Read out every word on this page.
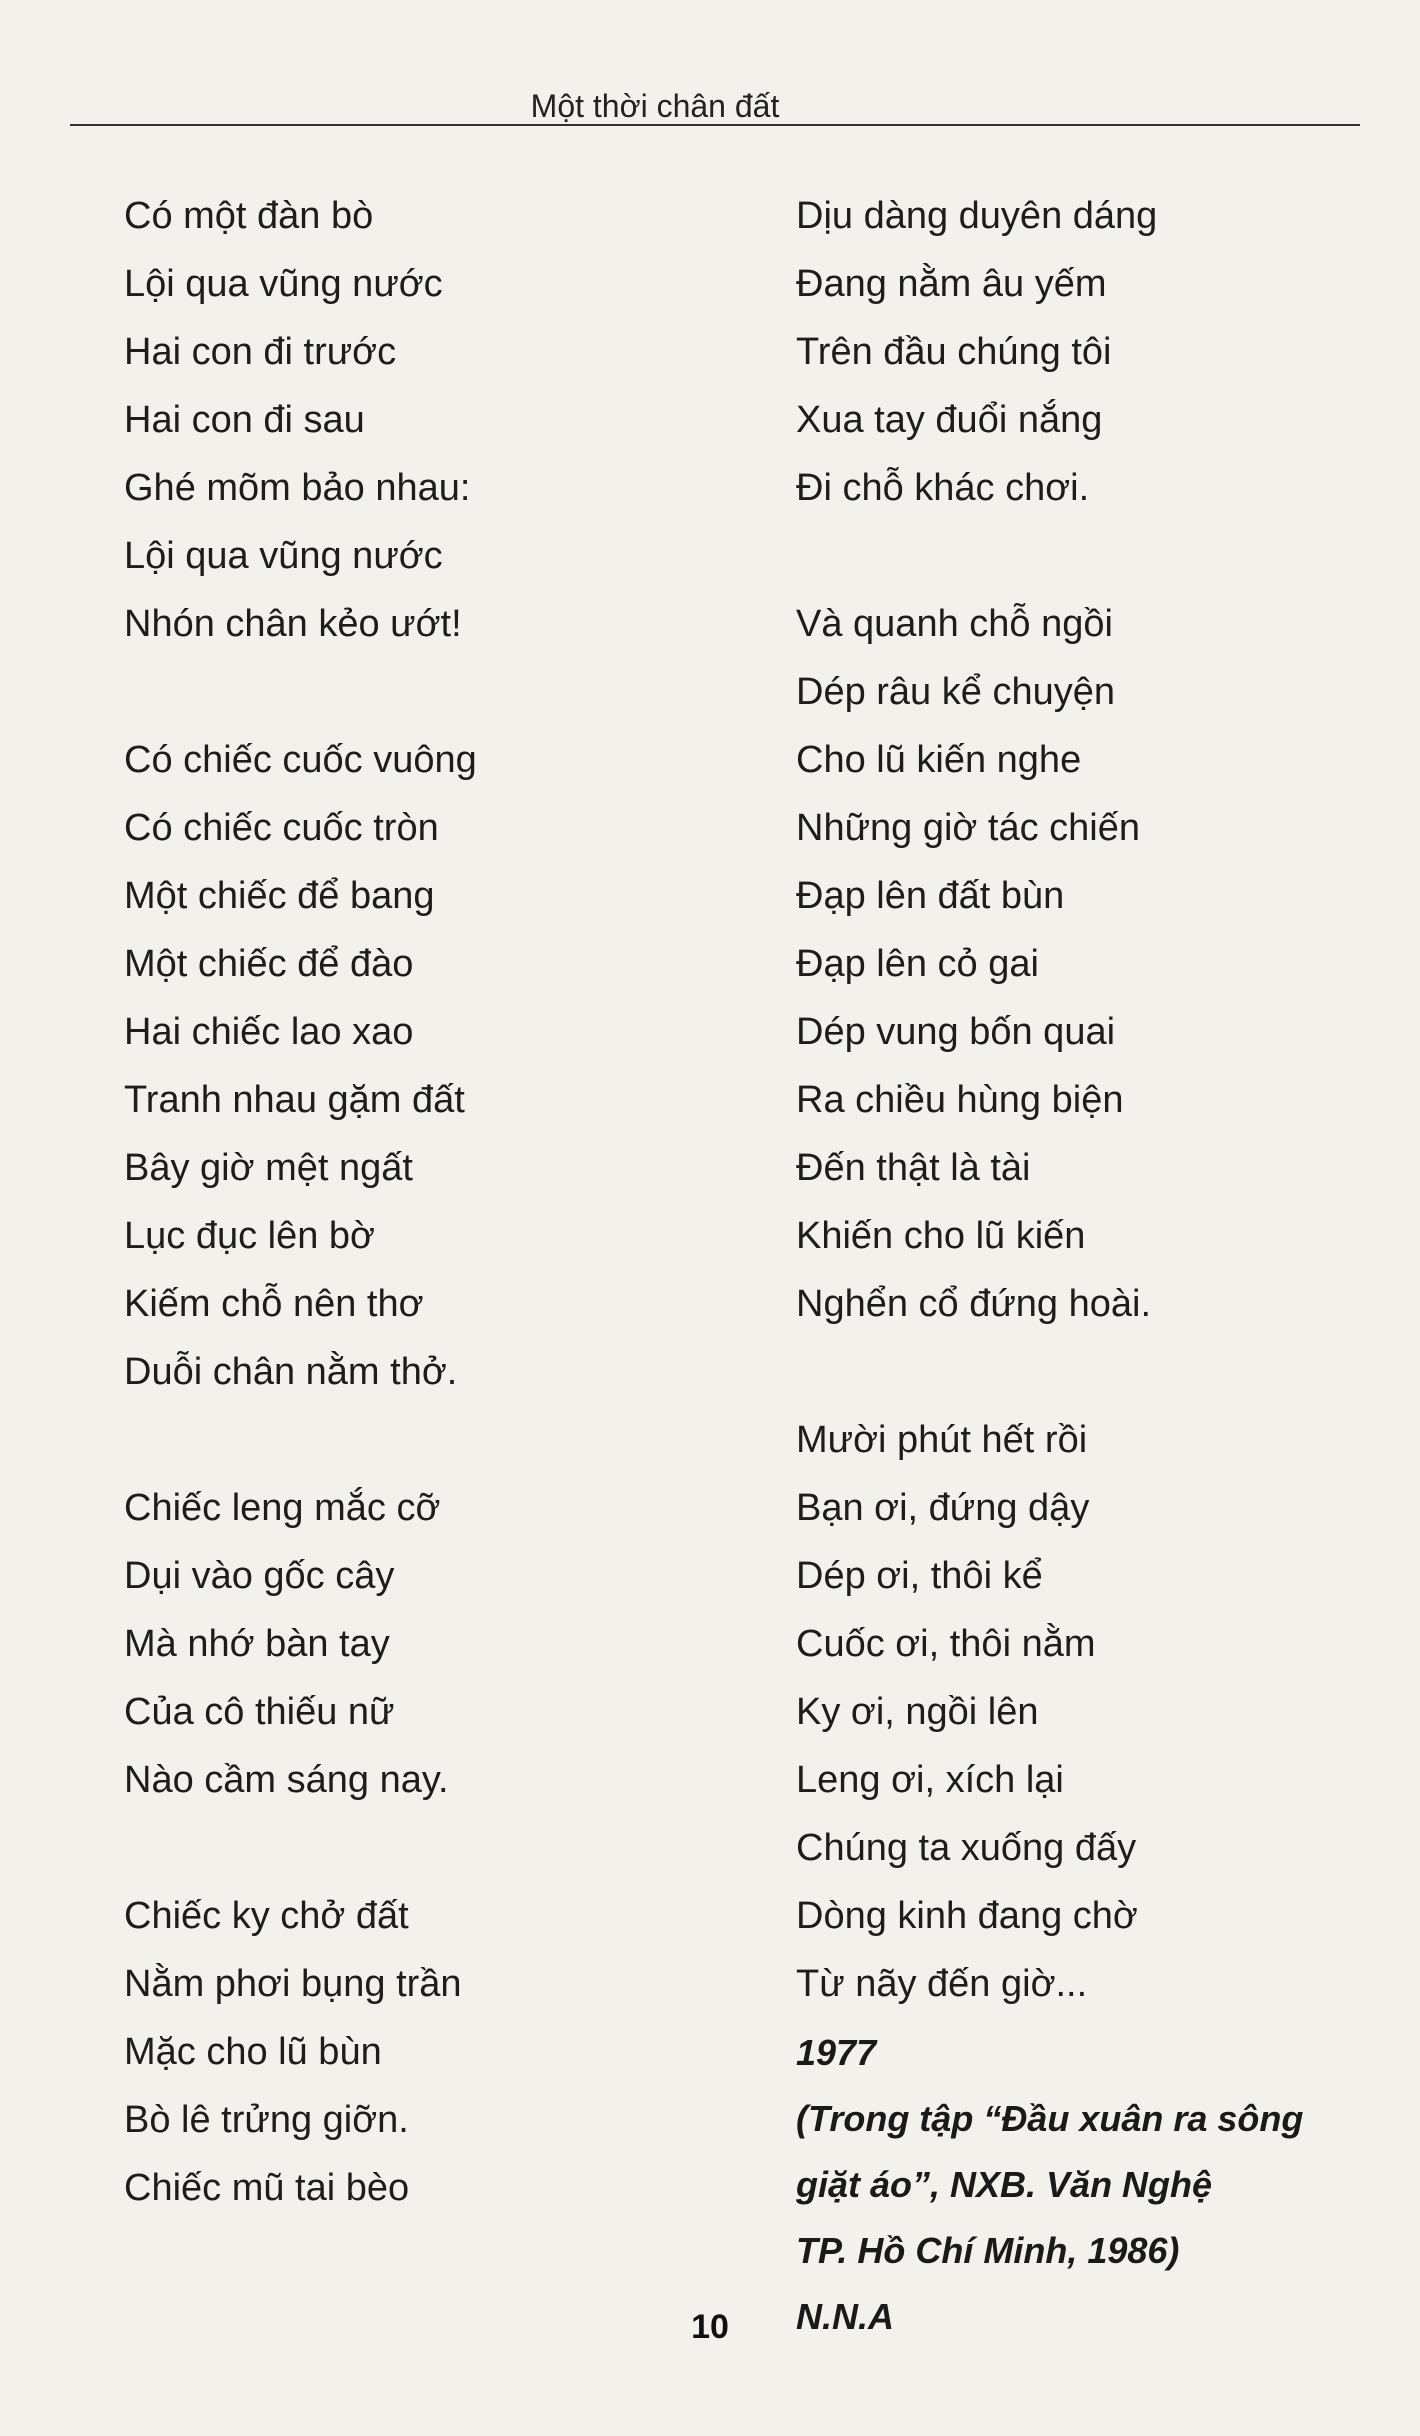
Một thời chân đất
Có một đàn bò
Lội qua vũng nước
Hai con đi trước
Hai con đi sau
Ghé mõm bảo nhau:
Lội qua vũng nước
Nhón chân kẻo ướt!
Có chiếc cuốc vuông
Có chiếc cuốc tròn
Một chiếc để bang
Một chiếc để đào
Hai chiếc lao xao
Tranh nhau gặm đất
Bây giờ mệt ngất
Lục đục lên bờ
Kiếm chỗ nên thơ
Duỗi chân nằm thở.
Chiếc leng mắc cỡ
Dụi vào gốc cây
Mà nhớ bàn tay
Của cô thiếu nữ
Nào cầm sáng nay.
Chiếc ky chở đất
Nằm phơi bụng trần
Mặc cho lũ bùn
Bò lê trửng giỡn.
Chiếc mũ tai bèo
Dịu dàng duyên dáng
Đang nằm âu yếm
Trên đầu chúng tôi
Xua tay đuổi nắng
Đi chỗ khác chơi.
Và quanh chỗ ngồi
Dép râu kể chuyện
Cho lũ kiến nghe
Những giờ tác chiến
Đạp lên đất bùn
Đạp lên cỏ gai
Dép vung bốn quai
Ra chiều hùng biện
Đến thật là tài
Khiến cho lũ kiến
Nghển cổ đứng hoài.
Mười phút hết rồi
Bạn ơi, đứng dậy
Dép ơi, thôi kể
Cuốc ơi, thôi nằm
Ky ơi, ngồi lên
Leng ơi, xích lại
Chúng ta xuống đấy
Dòng kinh đang chờ
Từ nãy đến giờ...
1977
(Trong tập “Đầu xuân ra sông
giặt áo”, NXB. Văn Nghệ
TP. Hồ Chí Minh, 1986)
N.N.A
10
